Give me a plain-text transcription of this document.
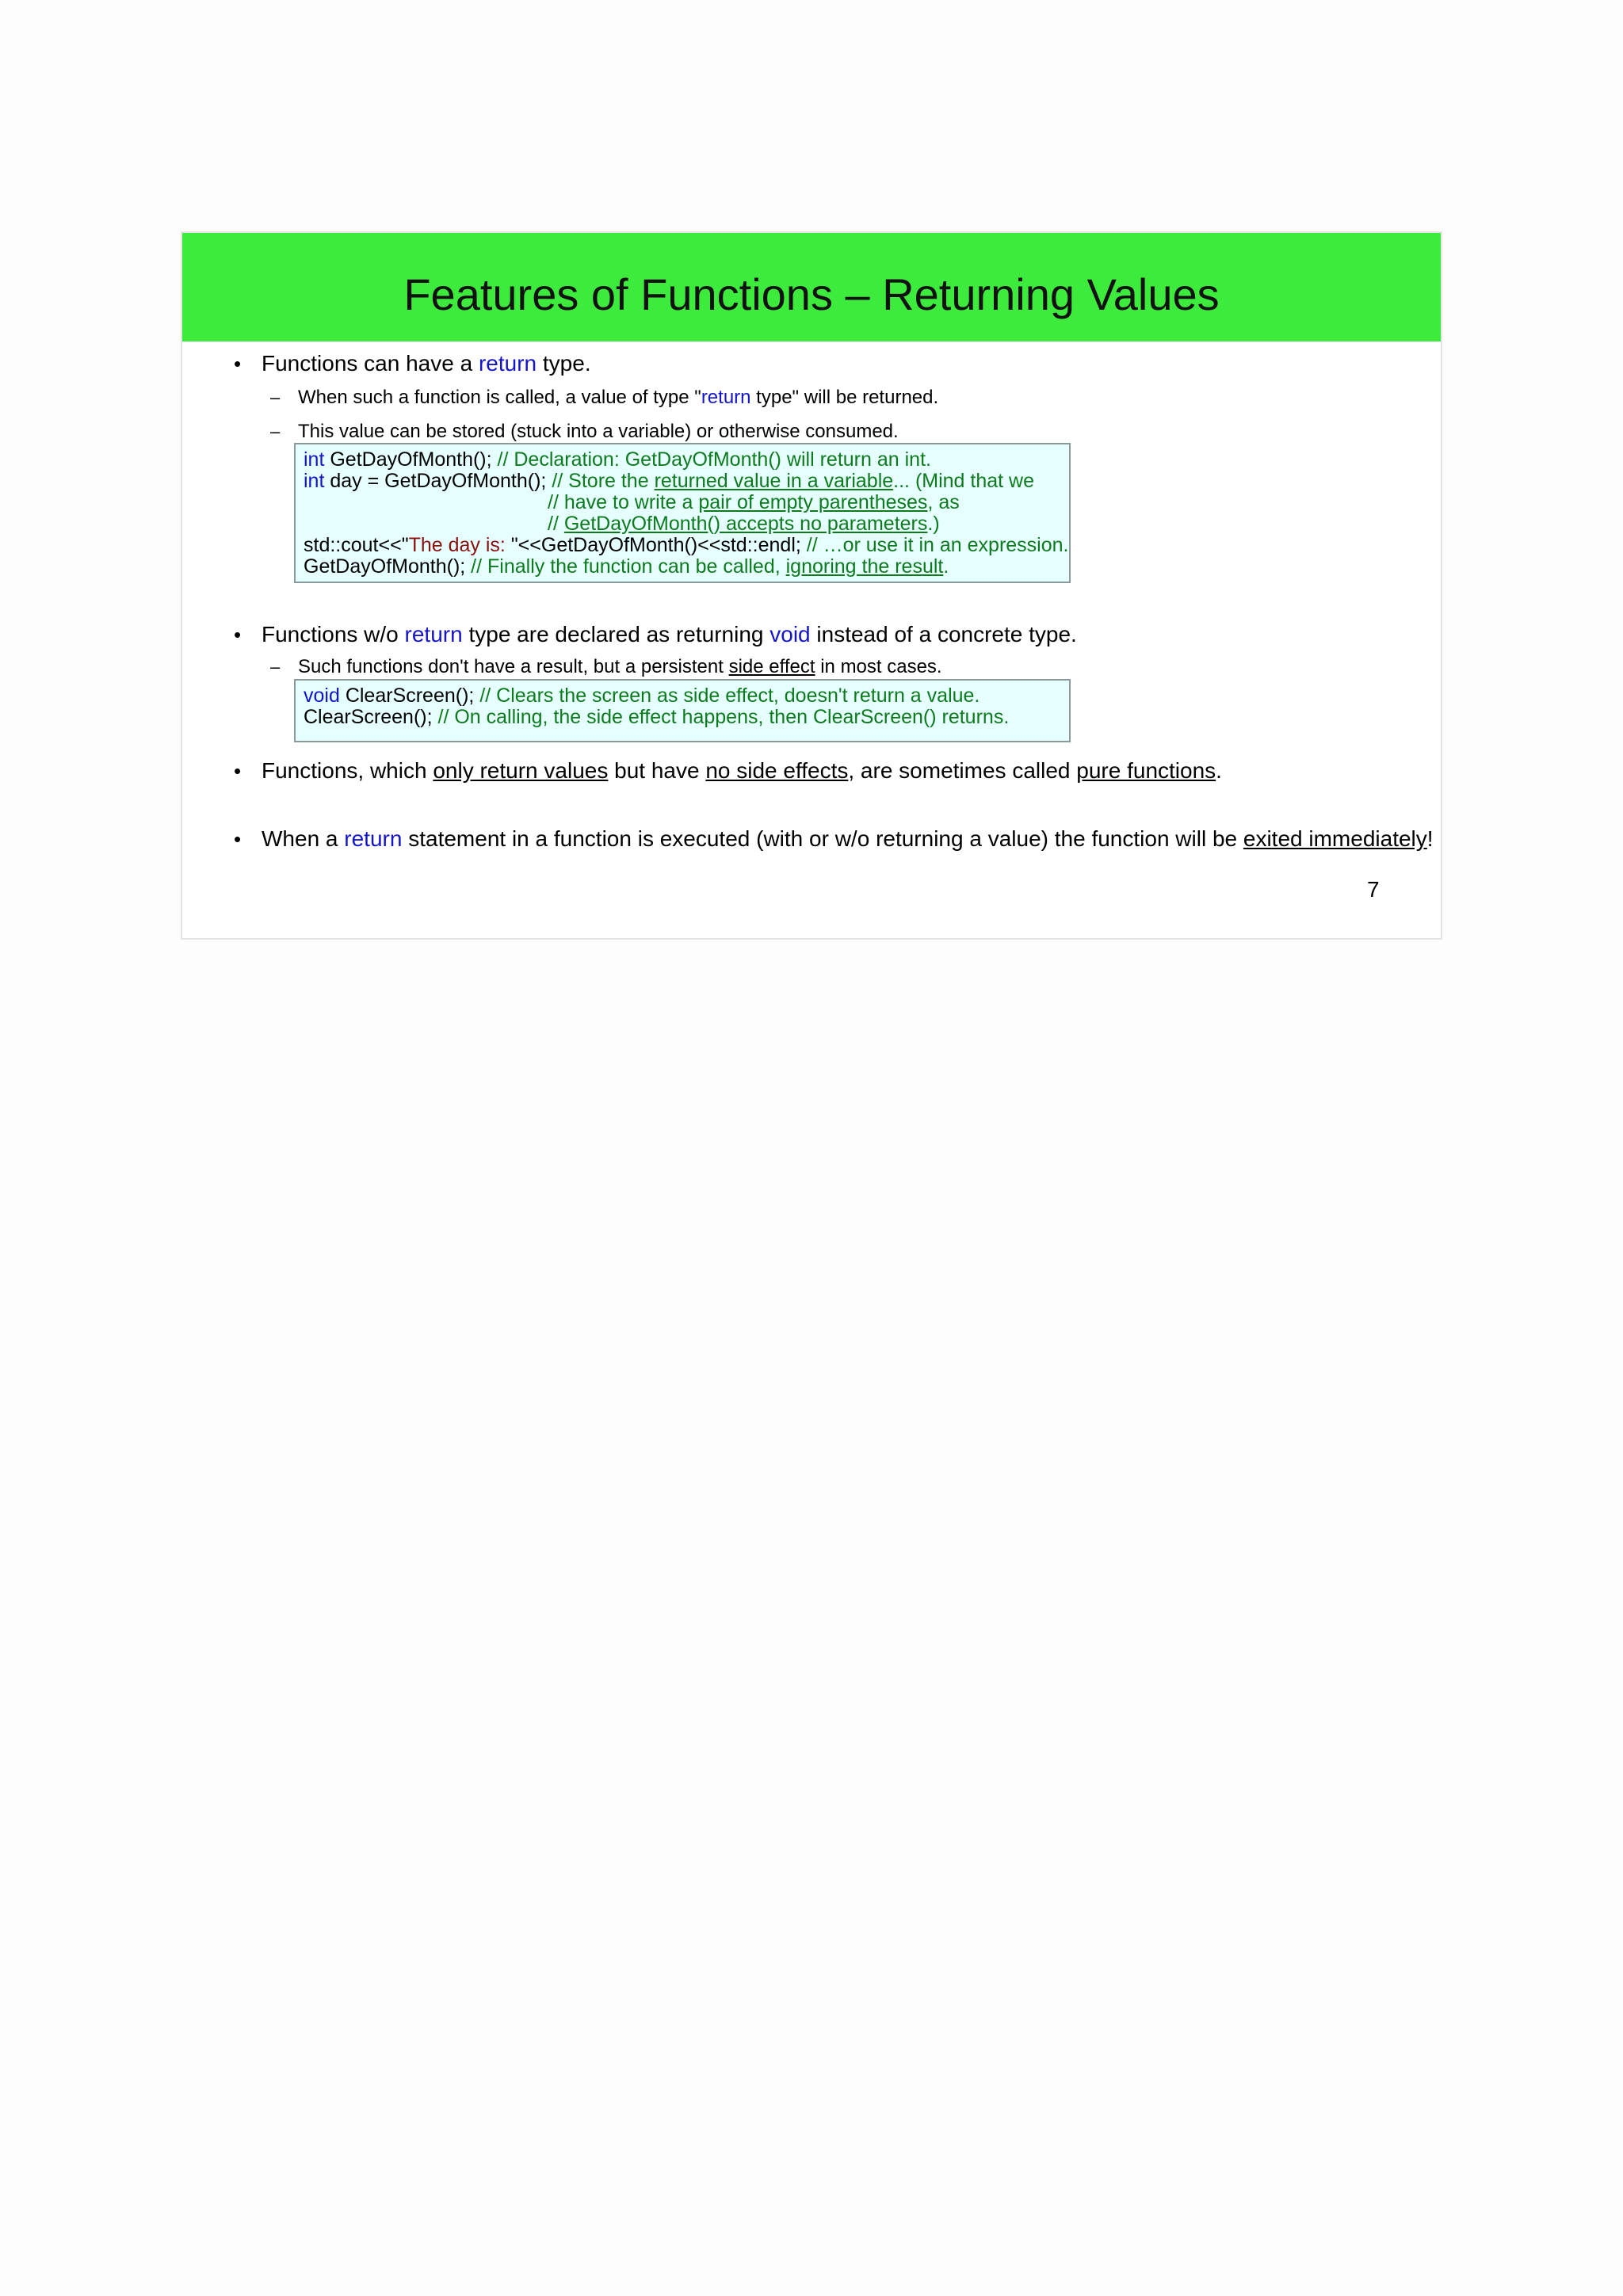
Features of Functions – Returning Values
• Functions can have a return type.
– When such a function is called, a value of type "return type" will be returned.
– This value can be stored (stuck into a variable) or otherwise consumed.
int GetDayOfMonth(); // Declaration: GetDayOfMonth() will return an int.
int day = GetDayOfMonth(); // Store the returned value in a variable... (Mind that we
// have to write a pair of empty parentheses, as
// GetDayOfMonth() accepts no parameters.)
std::cout<<"The day is: "<<GetDayOfMonth()<<std::endl; // …or use it in an expression.
GetDayOfMonth(); // Finally the function can be called, ignoring the result.
• Functions w/o return type are declared as returning void instead of a concrete type.
– Such functions don't have a result, but a persistent side effect in most cases.
void ClearScreen(); // Clears the screen as side effect, doesn't return a value.
ClearScreen(); // On calling, the side effect happens, then ClearScreen() returns.
• Functions, which only return values but have no side effects, are sometimes called pure functions.
• When a return statement in a function is executed (with or w/o returning a value) the function will be exited immediately!
7
